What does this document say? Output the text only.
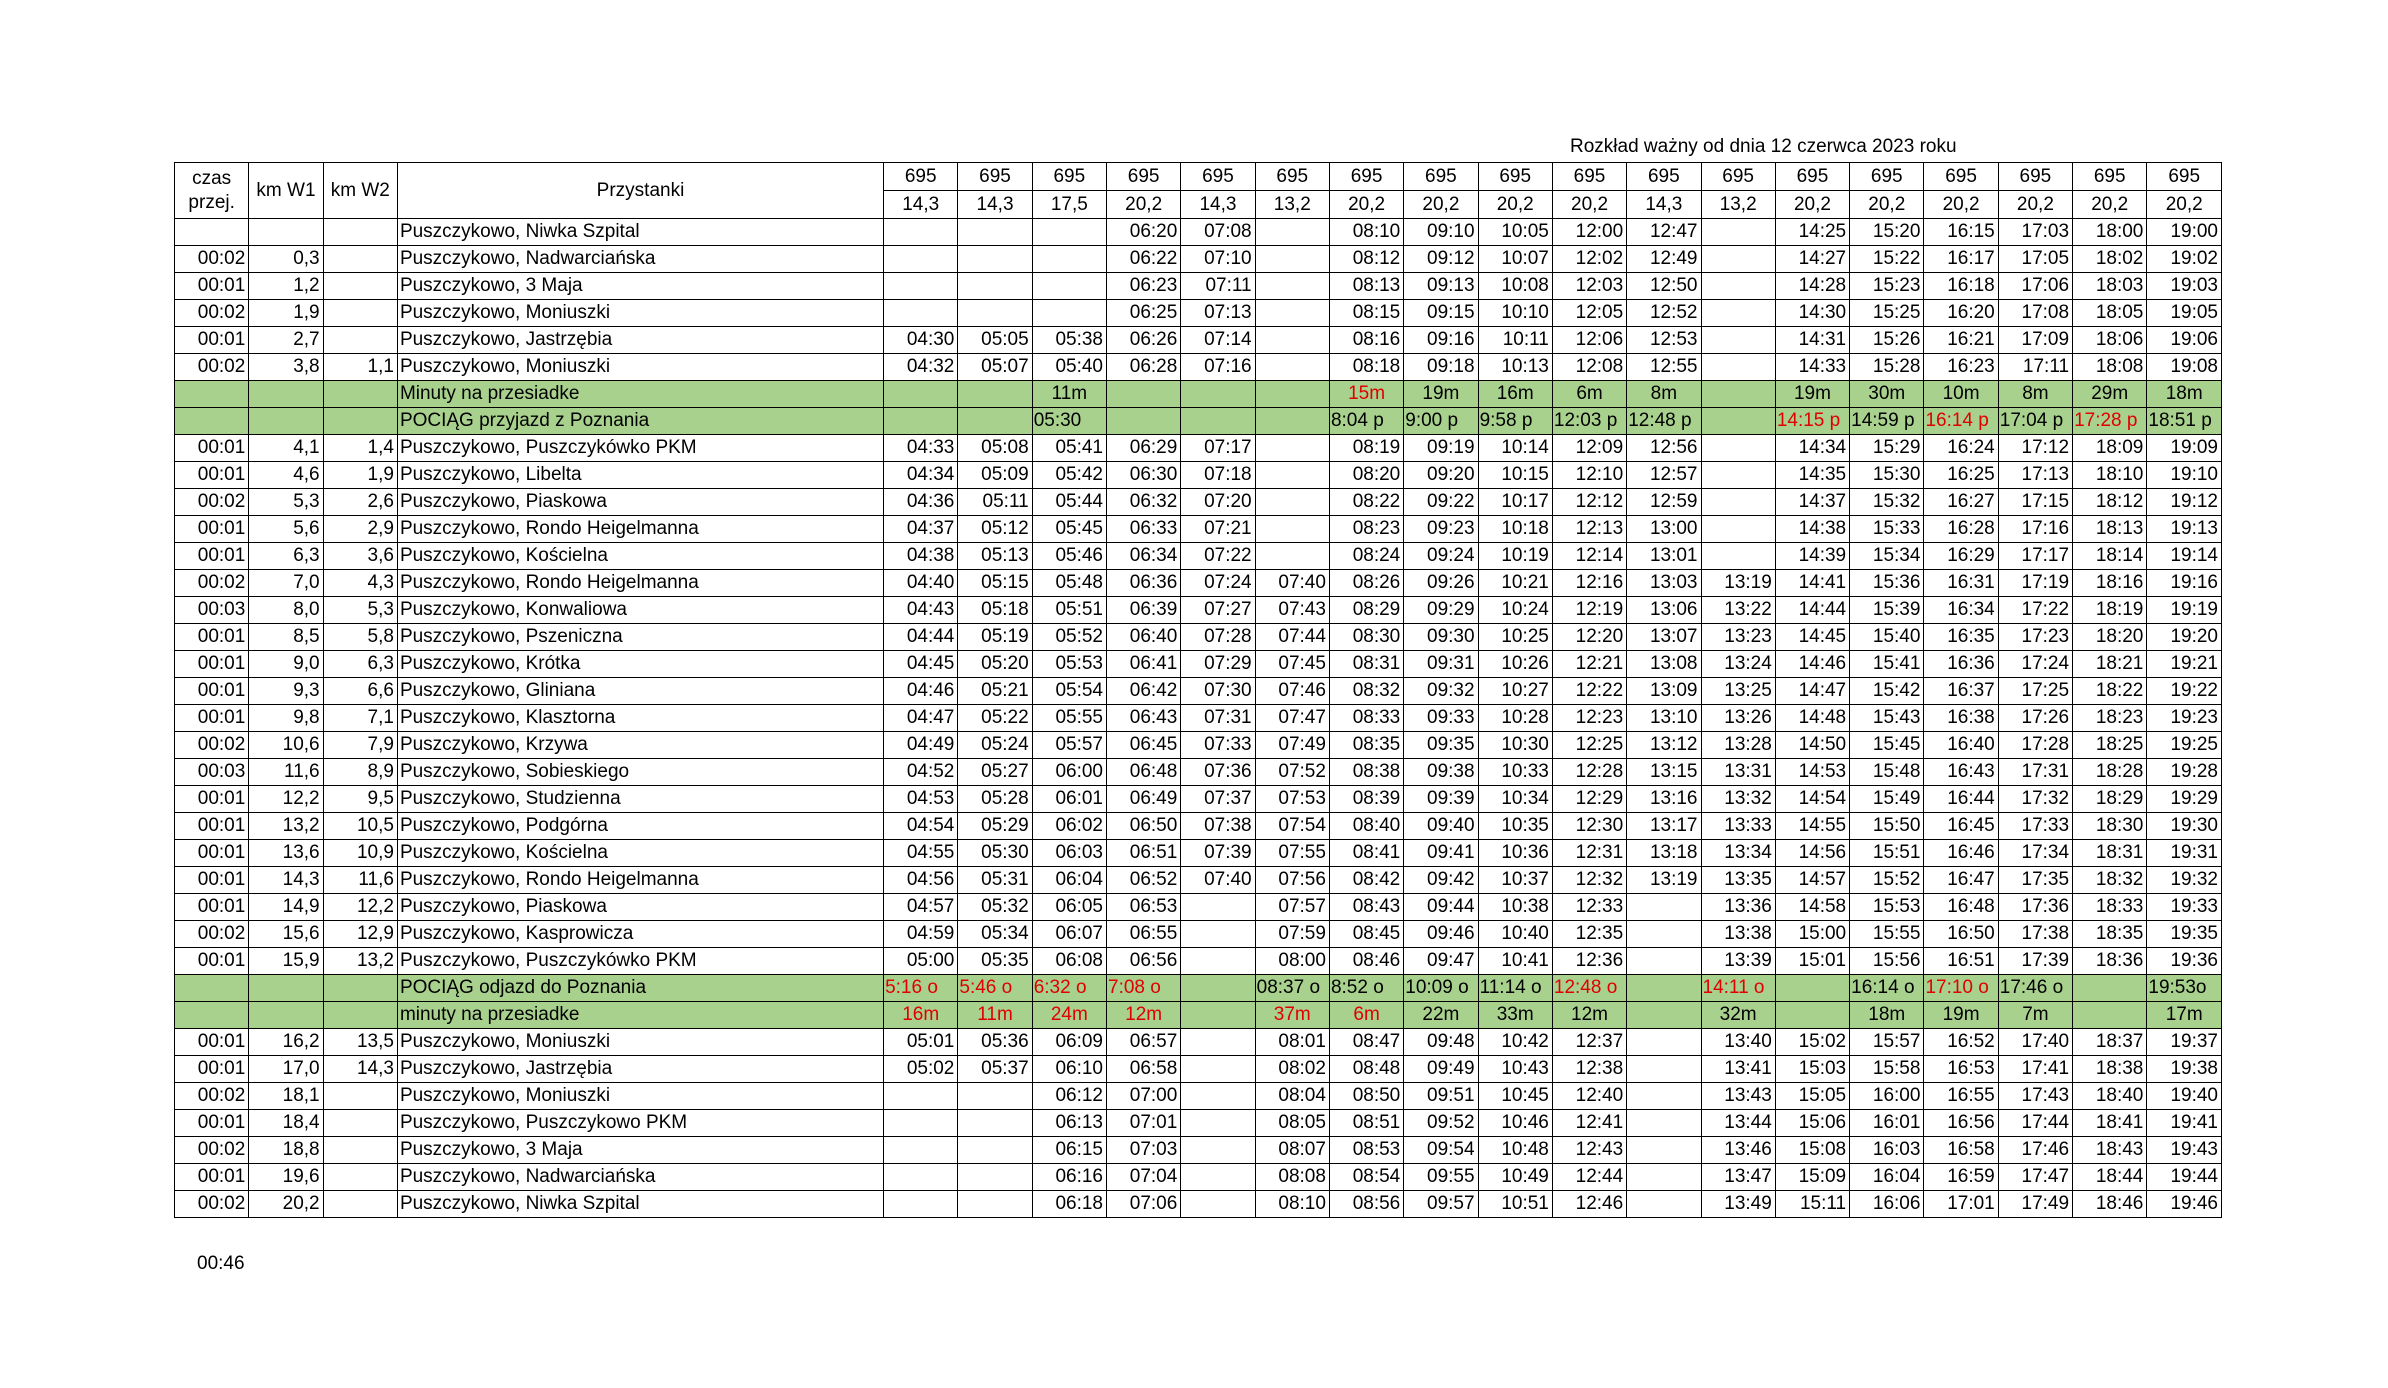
Rozkład ważny od dnia 12 czerwca 2023 roku
czas
przej.	km W1	km W2	Przystanki	695	695	695	695	695	695	695	695	695	695	695	695	695	695	695	695	695	695
				14,3	14,3	17,5	20,2	14,3	13,2	20,2	20,2	20,2	20,2	14,3	13,2	20,2	20,2	20,2	20,2	20,2	20,2
			Puszczykowo, Niwka Szpital				06:20	07:08		08:10	09:10	10:05	12:00	12:47		14:25	15:20	16:15	17:03	18:00	19:00
00:02	0,3		Puszczykowo, Nadwarciańska				06:22	07:10		08:12	09:12	10:07	12:02	12:49		14:27	15:22	16:17	17:05	18:02	19:02
00:01	1,2		Puszczykowo, 3 Maja				06:23	07:11		08:13	09:13	10:08	12:03	12:50		14:28	15:23	16:18	17:06	18:03	19:03
00:02	1,9		Puszczykowo, Moniuszki				06:25	07:13		08:15	09:15	10:10	12:05	12:52		14:30	15:25	16:20	17:08	18:05	19:05
00:01	2,7		Puszczykowo, Jastrzębia	04:30	05:05	05:38	06:26	07:14		08:16	09:16	10:11	12:06	12:53		14:31	15:26	16:21	17:09	18:06	19:06
00:02	3,8	1,1	Puszczykowo, Moniuszki	04:32	05:07	05:40	06:28	07:16		08:18	09:18	10:13	12:08	12:55		14:33	15:28	16:23	17:11	18:08	19:08
			Minuty na przesiadke			11m				15m	19m	16m	6m	8m		19m	30m	10m	8m	29m	18m
			POCIĄG przyjazd z Poznania			05:30				8:04 p	9:00 p	9:58 p	12:03 p	12:48 p		14:15 p	14:59 p	16:14 p	17:04 p	17:28 p	18:51 p
00:01	4,1	1,4	Puszczykowo, Puszczykówko PKM	04:33	05:08	05:41	06:29	07:17		08:19	09:19	10:14	12:09	12:56		14:34	15:29	16:24	17:12	18:09	19:09
00:01	4,6	1,9	Puszczykowo, Libelta	04:34	05:09	05:42	06:30	07:18		08:20	09:20	10:15	12:10	12:57		14:35	15:30	16:25	17:13	18:10	19:10
00:02	5,3	2,6	Puszczykowo, Piaskowa	04:36	05:11	05:44	06:32	07:20		08:22	09:22	10:17	12:12	12:59		14:37	15:32	16:27	17:15	18:12	19:12
00:01	5,6	2,9	Puszczykowo, Rondo Heigelmanna	04:37	05:12	05:45	06:33	07:21		08:23	09:23	10:18	12:13	13:00		14:38	15:33	16:28	17:16	18:13	19:13
00:01	6,3	3,6	Puszczykowo, Kościelna	04:38	05:13	05:46	06:34	07:22		08:24	09:24	10:19	12:14	13:01		14:39	15:34	16:29	17:17	18:14	19:14
00:02	7,0	4,3	Puszczykowo, Rondo Heigelmanna	04:40	05:15	05:48	06:36	07:24	07:40	08:26	09:26	10:21	12:16	13:03	13:19	14:41	15:36	16:31	17:19	18:16	19:16
00:03	8,0	5,3	Puszczykowo, Konwaliowa	04:43	05:18	05:51	06:39	07:27	07:43	08:29	09:29	10:24	12:19	13:06	13:22	14:44	15:39	16:34	17:22	18:19	19:19
00:01	8,5	5,8	Puszczykowo, Pszeniczna	04:44	05:19	05:52	06:40	07:28	07:44	08:30	09:30	10:25	12:20	13:07	13:23	14:45	15:40	16:35	17:23	18:20	19:20
00:01	9,0	6,3	Puszczykowo, Krótka	04:45	05:20	05:53	06:41	07:29	07:45	08:31	09:31	10:26	12:21	13:08	13:24	14:46	15:41	16:36	17:24	18:21	19:21
00:01	9,3	6,6	Puszczykowo, Gliniana	04:46	05:21	05:54	06:42	07:30	07:46	08:32	09:32	10:27	12:22	13:09	13:25	14:47	15:42	16:37	17:25	18:22	19:22
00:01	9,8	7,1	Puszczykowo, Klasztorna	04:47	05:22	05:55	06:43	07:31	07:47	08:33	09:33	10:28	12:23	13:10	13:26	14:48	15:43	16:38	17:26	18:23	19:23
00:02	10,6	7,9	Puszczykowo, Krzywa	04:49	05:24	05:57	06:45	07:33	07:49	08:35	09:35	10:30	12:25	13:12	13:28	14:50	15:45	16:40	17:28	18:25	19:25
00:03	11,6	8,9	Puszczykowo, Sobieskiego	04:52	05:27	06:00	06:48	07:36	07:52	08:38	09:38	10:33	12:28	13:15	13:31	14:53	15:48	16:43	17:31	18:28	19:28
00:01	12,2	9,5	Puszczykowo, Studzienna	04:53	05:28	06:01	06:49	07:37	07:53	08:39	09:39	10:34	12:29	13:16	13:32	14:54	15:49	16:44	17:32	18:29	19:29
00:01	13,2	10,5	Puszczykowo, Podgórna	04:54	05:29	06:02	06:50	07:38	07:54	08:40	09:40	10:35	12:30	13:17	13:33	14:55	15:50	16:45	17:33	18:30	19:30
00:01	13,6	10,9	Puszczykowo, Kościelna	04:55	05:30	06:03	06:51	07:39	07:55	08:41	09:41	10:36	12:31	13:18	13:34	14:56	15:51	16:46	17:34	18:31	19:31
00:01	14,3	11,6	Puszczykowo, Rondo Heigelmanna	04:56	05:31	06:04	06:52	07:40	07:56	08:42	09:42	10:37	12:32	13:19	13:35	14:57	15:52	16:47	17:35	18:32	19:32
00:01	14,9	12,2	Puszczykowo, Piaskowa	04:57	05:32	06:05	06:53		07:57	08:43	09:44	10:38	12:33		13:36	14:58	15:53	16:48	17:36	18:33	19:33
00:02	15,6	12,9	Puszczykowo, Kasprowicza	04:59	05:34	06:07	06:55		07:59	08:45	09:46	10:40	12:35		13:38	15:00	15:55	16:50	17:38	18:35	19:35
00:01	15,9	13,2	Puszczykowo, Puszczykówko PKM	05:00	05:35	06:08	06:56		08:00	08:46	09:47	10:41	12:36		13:39	15:01	15:56	16:51	17:39	18:36	19:36
			POCIĄG odjazd do Poznania	5:16 o	5:46 o	6:32 o	7:08 o		08:37 o	8:52 o	10:09 o	11:14 o	12:48 o		14:11 o		16:14 o	17:10 o	17:46 o		19:53o
			minuty na przesiadke	16m	11m	24m	12m		37m	6m	22m	33m	12m		32m		18m	19m	7m		17m
00:01	16,2	13,5	Puszczykowo, Moniuszki	05:01	05:36	06:09	06:57		08:01	08:47	09:48	10:42	12:37		13:40	15:02	15:57	16:52	17:40	18:37	19:37
00:01	17,0	14,3	Puszczykowo, Jastrzębia	05:02	05:37	06:10	06:58		08:02	08:48	09:49	10:43	12:38		13:41	15:03	15:58	16:53	17:41	18:38	19:38
00:02	18,1		Puszczykowo, Moniuszki			06:12	07:00		08:04	08:50	09:51	10:45	12:40		13:43	15:05	16:00	16:55	17:43	18:40	19:40
00:01	18,4		Puszczykowo, Puszczykowo PKM			06:13	07:01		08:05	08:51	09:52	10:46	12:41		13:44	15:06	16:01	16:56	17:44	18:41	19:41
00:02	18,8		Puszczykowo, 3 Maja			06:15	07:03		08:07	08:53	09:54	10:48	12:43		13:46	15:08	16:03	16:58	17:46	18:43	19:43
00:01	19,6		Puszczykowo, Nadwarciańska			06:16	07:04		08:08	08:54	09:55	10:49	12:44		13:47	15:09	16:04	16:59	17:47	18:44	19:44
00:02	20,2		Puszczykowo, Niwka Szpital			06:18	07:06		08:10	08:56	09:57	10:51	12:46		13:49	15:11	16:06	17:01	17:49	18:46	19:46
00:46
